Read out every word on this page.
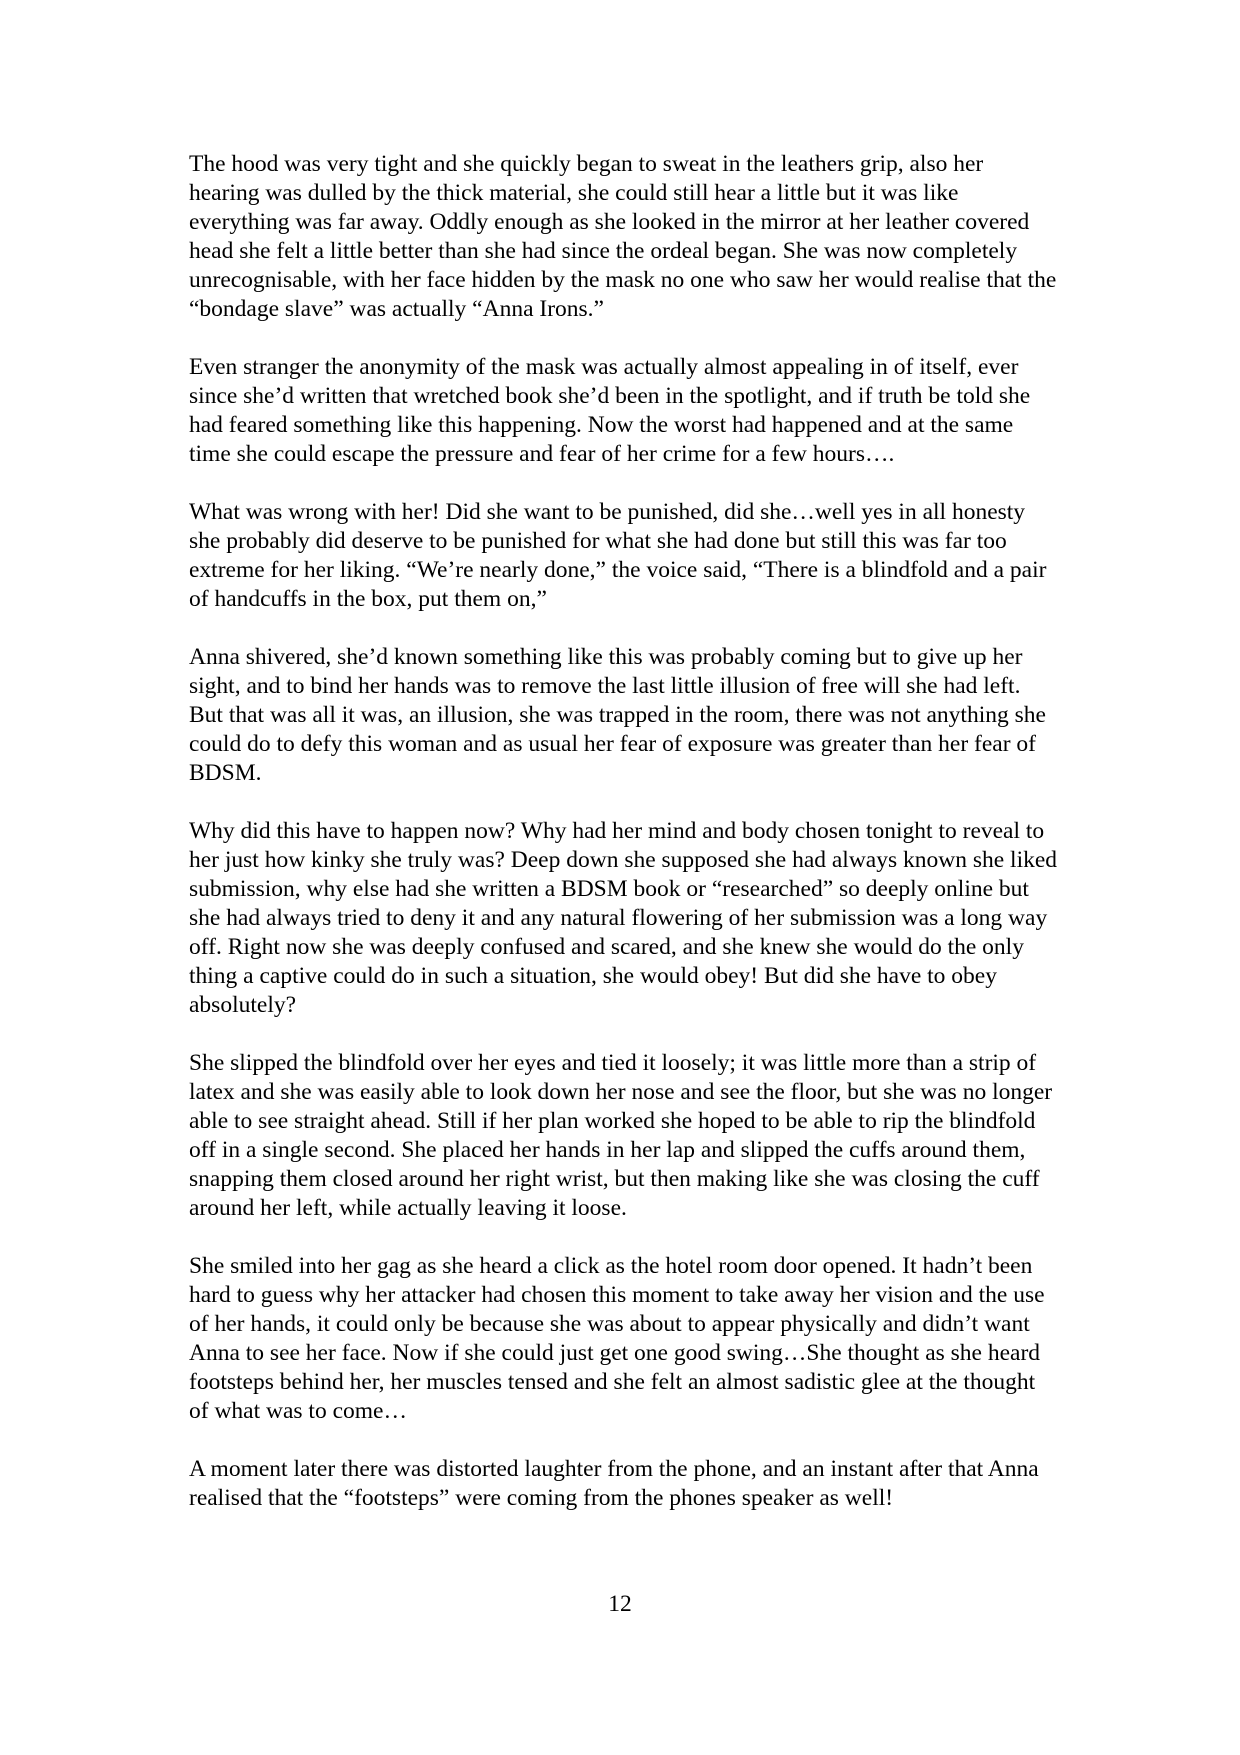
The hood was very tight and she quickly began to sweat in the leathers grip, also her hearing was dulled by the thick material, she could still hear a little but it was like everything was far away. Oddly enough as she looked in the mirror at her leather covered head she felt a little better than she had since the ordeal began. She was now completely unrecognisable, with her face hidden by the mask no one who saw her would realise that the “bondage slave” was actually “Anna Irons.”

Even stranger the anonymity of the mask was actually almost appealing in of itself, ever since she’d written that wretched book she’d been in the spotlight, and if truth be told she had feared something like this happening. Now the worst had happened and at the same time she could escape the pressure and fear of her crime for a few hours….

What was wrong with her! Did she want to be punished, did she…well yes in all honesty she probably did deserve to be punished for what she had done but still this was far too extreme for her liking. “We’re nearly done,” the voice said, “There is a blindfold and a pair of handcuffs in the box, put them on,”

Anna shivered, she’d known something like this was probably coming but to give up her sight, and to bind her hands was to remove the last little illusion of free will she had left. But that was all it was, an illusion, she was trapped in the room, there was not anything she could do to defy this woman and as usual her fear of exposure was greater than her fear of BDSM.

Why did this have to happen now? Why had her mind and body chosen tonight to reveal to her just how kinky she truly was? Deep down she supposed she had always known she liked submission, why else had she written a BDSM book or “researched” so deeply online but she had always tried to deny it and any natural flowering of her submission was a long way off. Right now she was deeply confused and scared, and she knew she would do the only thing a captive could do in such a situation, she would obey! But did she have to obey absolutely?

She slipped the blindfold over her eyes and tied it loosely; it was little more than a strip of latex and she was easily able to look down her nose and see the floor, but she was no longer able to see straight ahead. Still if her plan worked she hoped to be able to rip the blindfold off in a single second. She placed her hands in her lap and slipped the cuffs around them, snapping them closed around her right wrist, but then making like she was closing the cuff around her left, while actually leaving it loose.

She smiled into her gag as she heard a click as the hotel room door opened. It hadn’t been hard to guess why her attacker had chosen this moment to take away her vision and the use of her hands, it could only be because she was about to appear physically and didn’t want Anna to see her face. Now if she could just get one good swing…She thought as she heard footsteps behind her, her muscles tensed and she felt an almost sadistic glee at the thought of what was to come…

A moment later there was distorted laughter from the phone, and an instant after that Anna realised that the “footsteps” were coming from the phones speaker as well!

12
